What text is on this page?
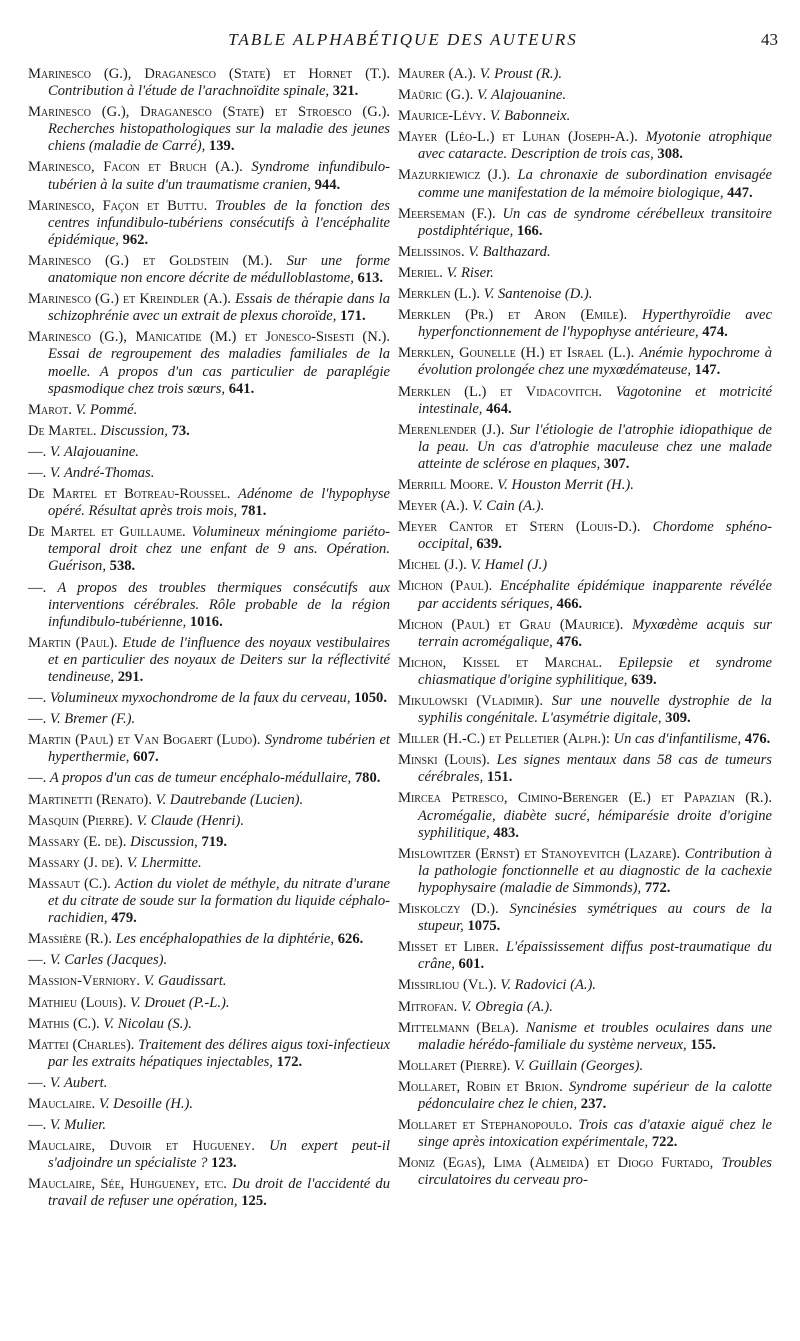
TABLE ALPHABÉTIQUE DES AUTEURS	43

Marinesco (G.), Draganesco (State) et Hornet (T.). Contribution à l'étude de l'arachnoïdite spinale, 321.

Marinesco (G.), Draganesco (State) et Stroesco (G.). Recherches histopathologiques sur la maladie des jeunes chiens (maladie de Carré), 139.

Marinesco, Facon et Bruch (A.). Syndrome infundibulo-tubérien à la suite d'un traumatisme cranien, 944.

Marinesco, Façon et Buttu. Troubles de la fonction des centres infundibulo-tubériens consécutifs à l'encéphalite épidémique, 962.

Marinesco (G.) et Goldstein (M.). Sur une forme anatomique non encore décrite de médulloblastome, 613.

Marinesco (G.) et Kreindler (A.). Essais de thérapie dans la schizophrénie avec un extrait de plexus choroïde, 171.

Marinesco (G.), Manicatide (M.) et Jonesco-Sisesti (N.). Essai de regroupement des maladies familiales de la moelle. A propos d'un cas particulier de paraplégie spasmodique chez trois sœurs, 641.

Marot. V. Pommé.

De Martel. Discussion, 73.

—. V. Alajouanine.

—. V. André-Thomas.

De Martel et Botreau-Roussel. Adénome de l'hypophyse opéré. Résultat après trois mois, 781.

De Martel et Guillaume. Volumineux méningiome pariéto-temporal droit chez une enfant de 9 ans. Opération. Guérison, 538.

—. A propos des troubles thermiques consécutifs aux interventions cérébrales. Rôle probable de la région infundibulo-tubérienne, 1016.

Martin (Paul). Etude de l'influence des noyaux vestibulaires et en particulier des noyaux de Deiters sur la réflectivité tendineuse, 291.

—. Volumineux myxochondrome de la faux du cerveau, 1050.

—. V. Bremer (F.).

Martin (Paul) et Van Bogaert (Ludo). Syndrome tubérien et hyperthermie, 607.

—. A propos d'un cas de tumeur encéphalo-médullaire, 780.

Martinetti (Renato). V. Dautrebande (Lucien).

Masquin (Pierre). V. Claude (Henri).

Massary (E. de). Discussion, 719.

Massary (J. de). V. Lhermitte.

Massaut (C.). Action du violet de méthyle, du nitrate d'urane et du citrate de soude sur la formation du liquide céphalo-rachidien, 479.

Massière (R.). Les encéphalopathies de la diphtérie, 626.

—. V. Carles (Jacques).

Massion-Verniory. V. Gaudissart.

Mathieu (Louis). V. Drouet (P.-L.).

Mathis (C.). V. Nicolau (S.).

Mattei (Charles). Traitement des délires aigus toxi-infectieux par les extraits hépatiques injectables, 172.

—. V. Aubert.

Mauclaire. V. Desoille (H.).

—. V. Mulier.

Mauclaire, Duvoir et Hugueney. Un expert peut-il s'adjoindre un spécialiste ? 123.

Mauclaire, Sée, Huhgueney, etc. Du droit de l'accidenté du travail de refuser une opération, 125.

Maurer (A.). V. Proust (R.).

Maüric (G.). V. Alajouanine.

Maurice-Lévy. V. Babonneix.

Mayer (Léo-L.) et Luhan (Joseph-A.). Myotonie atrophique avec cataracte. Description de trois cas, 308.

Mazurkiewicz (J.). La chronaxie de subordination envisagée comme une manifestation de la mémoire biologique, 447.

Meerseman (F.). Un cas de syndrome cérébelleux transitoire postdiphtérique, 166.

Melissinos. V. Balthazard.

Meriel. V. Riser.

Merklen (L.). V. Santenoise (D.).

Merklen (Pr.) et Aron (Emile). Hyperthyroïdie avec hyperfonctionnement de l'hypophyse antérieure, 474.

Merklen, Gounelle (H.) et Israel (L.). Anémie hypochrome à évolution prolongée chez une myxœdémateuse, 147.

Merklen (L.) et Vidacovitch. Vagotonine et motricité intestinale, 464.

Merenlender (J.). Sur l'étiologie de l'atrophie idiopathique de la peau. Un cas d'atrophie maculeuse chez une malade atteinte de sclérose en plaques, 307.

Merrill Moore. V. Houston Merrit (H.).

Meyer (A.). V. Cain (A.).

Meyer Cantor et Stern (Louis-D.). Chordome sphéno-occipital, 639.

Michel (J.). V. Hamel (J.)

Michon (Paul). Encéphalite épidémique inapparente révélée par accidents sériques, 466.

Michon (Paul) et Grau (Maurice). Myxœdème acquis sur terrain acromégalique, 476.

Michon, Kissel et Marchal. Epilepsie et syndrome chiasmatique d'origine syphilitique, 639.

Mikulowski (Vladimir). Sur une nouvelle dystrophie de la syphilis congénitale. L'asymétrie digitale, 309.

Miller (H.-C.) et Pelletier (Alph.): Un cas d'infantilisme, 476.

Minski (Louis). Les signes mentaux dans 58 cas de tumeurs cérébrales, 151.

Mircea Petresco, Cimino-Berenger (E.) et Papazian (R.). Acromégalie, diabète sucré, hémiparésie droite d'origine syphilitique, 483.

Mislowitzer (Ernst) et Stanoyevitch (Lazare). Contribution à la pathologie fonctionnelle et au diagnostic de la cachexie hypophysaire (maladie de Simmonds), 772.

Miskolczy (D.). Syncinésies symétriques au cours de la stupeur, 1075.

Misset et Liber. L'épaississement diffus post-traumatique du crâne, 601.

Missirliou (Vl.). V. Radovici (A.).

Mitrofan. V. Obregia (A.).

Mittelmann (Bela). Nanisme et troubles oculaires dans une maladie hérédo-familiale du système nerveux, 155.

Mollaret (Pierre). V. Guillain (Georges).

Mollaret, Robin et Brion. Syndrome supérieur de la calotte pédonculaire chez le chien, 237.

Mollaret et Stephanopoulo. Trois cas d'ataxie aiguë chez le singe après intoxication expérimentale, 722.

Moniz (Egas), Lima (Almeida) et Diogo Furtado, Troubles circulatoires du cerveau pro-
